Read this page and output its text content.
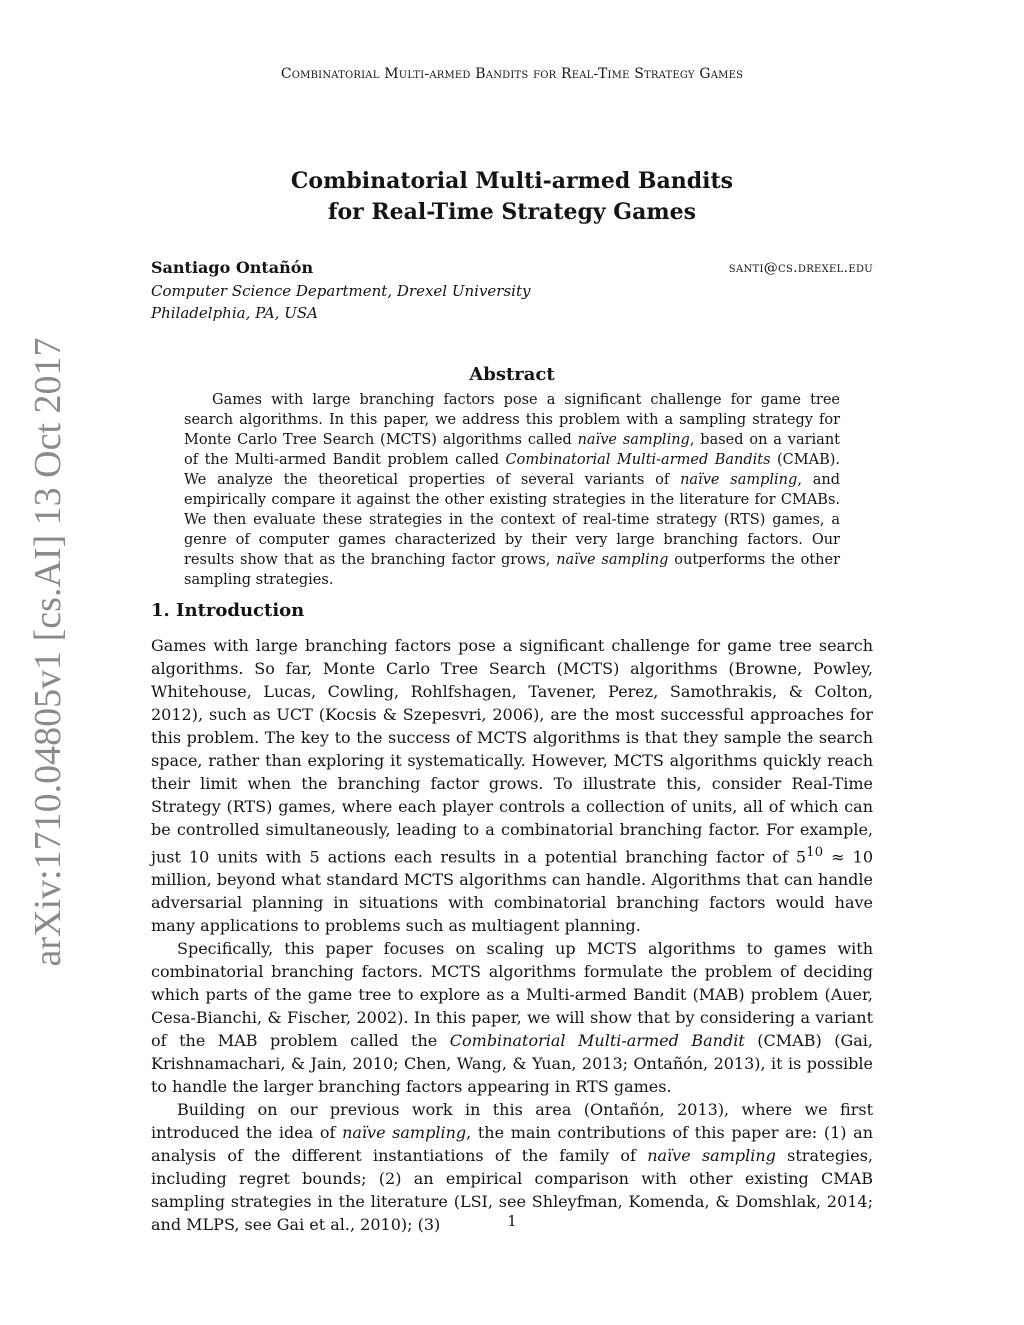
Combinatorial Multi-armed Bandits for Real-Time Strategy Games
Combinatorial Multi-armed Bandits
for Real-Time Strategy Games
Santiago Ontañón	santi@cs.drexel.edu
Computer Science Department, Drexel University
Philadelphia, PA, USA
Abstract

Games with large branching factors pose a significant challenge for game tree search algorithms. In this paper, we address this problem with a sampling strategy for Monte Carlo Tree Search (MCTS) algorithms called naïve sampling, based on a variant of the Multi-armed Bandit problem called Combinatorial Multi-armed Bandits (CMAB). We analyze the theoretical properties of several variants of naïve sampling, and empirically compare it against the other existing strategies in the literature for CMABs. We then evaluate these strategies in the context of real-time strategy (RTS) games, a genre of computer games characterized by their very large branching factors. Our results show that as the branching factor grows, naïve sampling outperforms the other sampling strategies.

1. Introduction

Games with large branching factors pose a significant challenge for game tree search algorithms. So far, Monte Carlo Tree Search (MCTS) algorithms (Browne, Powley, Whitehouse, Lucas, Cowling, Rohlfshagen, Tavener, Perez, Samothrakis, & Colton, 2012), such as UCT (Kocsis & Szepesvri, 2006), are the most successful approaches for this problem. The key to the success of MCTS algorithms is that they sample the search space, rather than exploring it systematically. However, MCTS algorithms quickly reach their limit when the branching factor grows. To illustrate this, consider Real-Time Strategy (RTS) games, where each player controls a collection of units, all of which can be controlled simultaneously, leading to a combinatorial branching factor. For example, just 10 units with 5 actions each results in a potential branching factor of $5^{10} \approx 10$ million, beyond what standard MCTS algorithms can handle. Algorithms that can handle adversarial planning in situations with combinatorial branching factors would have many applications to problems such as multiagent planning.

Specifically, this paper focuses on scaling up MCTS algorithms to games with combinatorial branching factors. MCTS algorithms formulate the problem of deciding which parts of the game tree to explore as a Multi-armed Bandit (MAB) problem (Auer, Cesa-Bianchi, & Fischer, 2002). In this paper, we will show that by considering a variant of the MAB problem called the Combinatorial Multi-armed Bandit (CMAB) (Gai, Krishnamachari, & Jain, 2010; Chen, Wang, & Yuan, 2013; Ontañón, 2013), it is possible to handle the larger branching factors appearing in RTS games.

Building on our previous work in this area (Ontañón, 2013), where we first introduced the idea of naïve sampling, the main contributions of this paper are: (1) an analysis of the different instantiations of the family of naïve sampling strategies, including regret bounds; (2) an empirical comparison with other existing CMAB sampling strategies in the literature (LSI, see Shleyfman, Komenda, & Domshlak, 2014; and MLPS, see Gai et al., 2010); (3)	1
arXiv:1710.04805v1 [cs.AI] 13 Oct 2017
